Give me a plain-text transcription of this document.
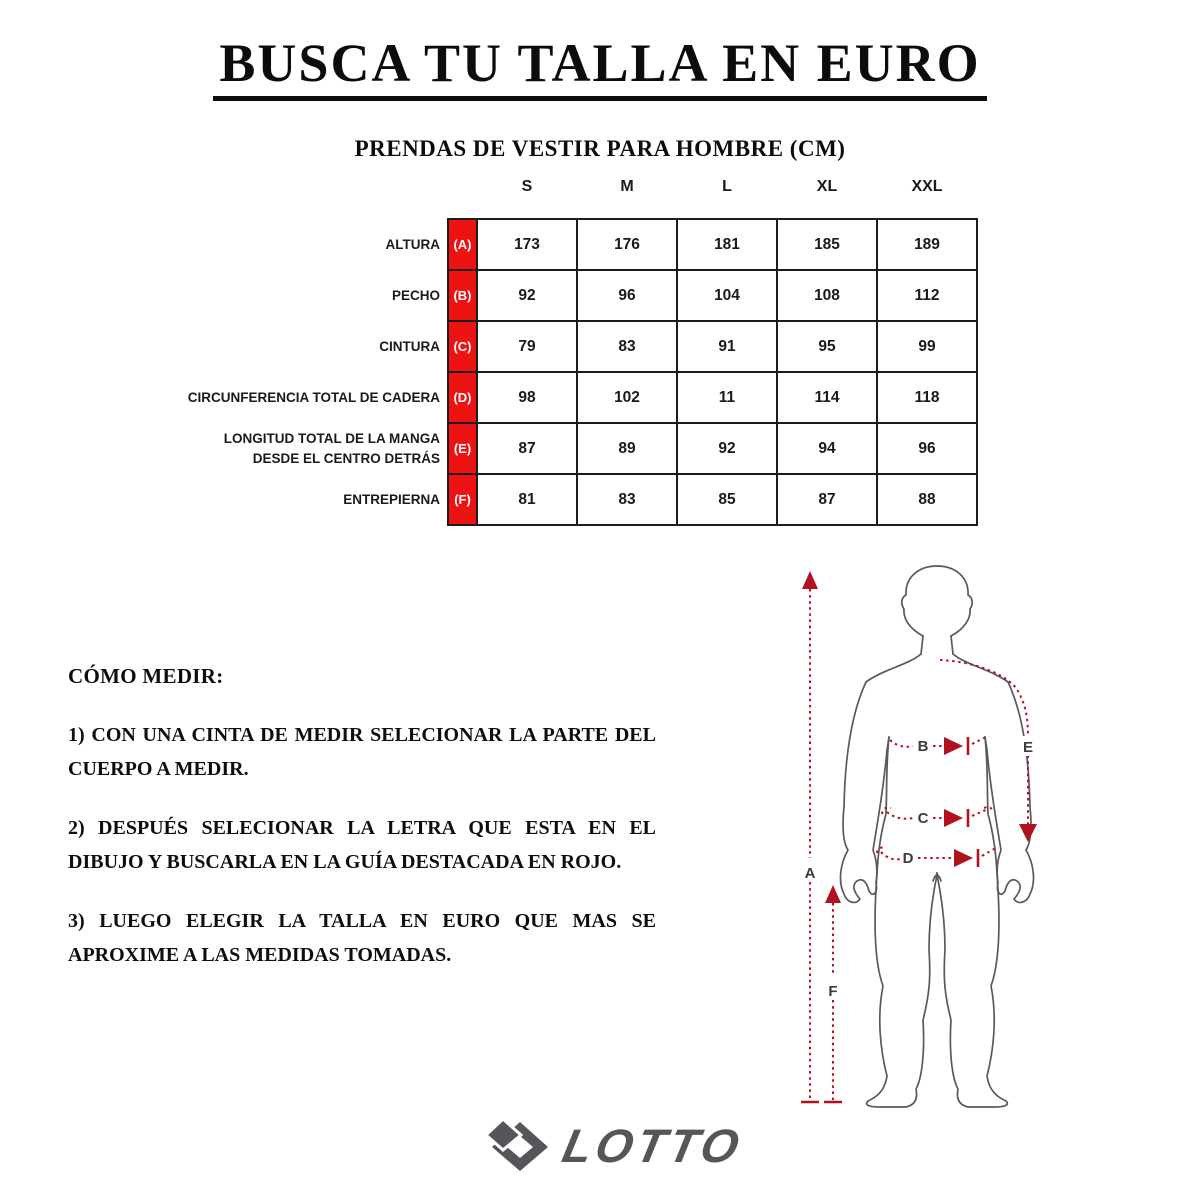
BUSCA TU TALLA EN EURO
PRENDAS DE VESTIR PARA HOMBRE (CM)
		S	M	L	XL	XXL
ALTURA	(A)	173	176	181	185	189
PECHO	(B)	92	96	104	108	112
CINTURA	(C)	79	83	91	95	99
CIRCUNFERENCIA TOTAL DE CADERA	(D)	98	102	11	114	118
LONGITUD TOTAL DE LA MANGA DESDE EL CENTRO DETRÁS	(E)	87	89	92	94	96
ENTREPIERNA	(F)	81	83	85	87	88
CÓMO MEDIR:

1) CON UNA CINTA DE MEDIR SELECIONAR LA PARTE DEL CUERPO A MEDIR.

2) DESPUÉS SELECIONAR LA LETRA QUE ESTA EN EL DIBUJO Y BUSCARLA EN LA GUÍA DESTACADA EN ROJO.

3) LUEGO ELEGIR LA TALLA EN EURO QUE MAS SE APROXIME A LAS MEDIDAS TOMADAS.

A
F
B
C
D
E
LOTTO
